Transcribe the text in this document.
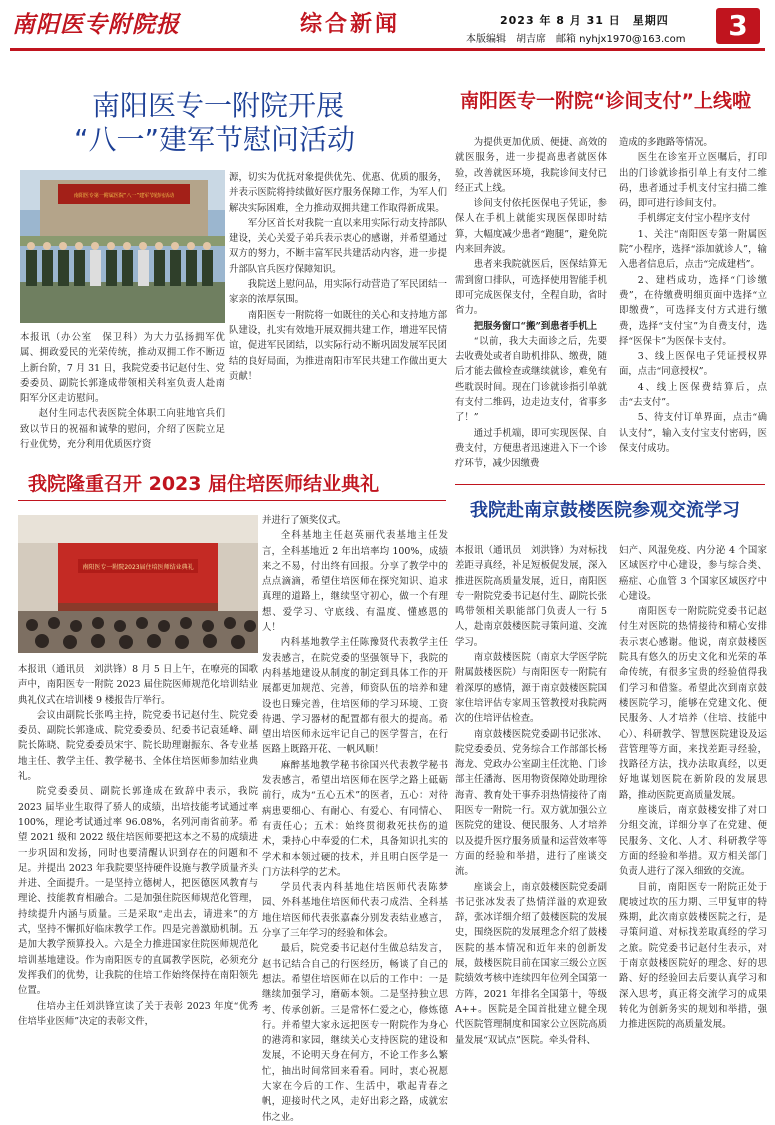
南阳医专附院报	综合新闻	2023 年 8 月 31 日　星期四
本版编辑　胡吉席　邮箱 nyhjx1970@163.com	3
南阳医专一附院开展
“八一”建军节慰问活动
南阳医专第一附属医院“八一”建军节慰问活动

本报讯（办公室　保卫科）为大力弘扬拥军优属、拥政爱民的光荣传统，推动双拥工作不断迈上新台阶，7 月 31 日，我院党委书记赵付生、党委委员、副院长郭逢成带领相关科室负责人赴南阳军分区走访慰问。

赵付生同志代表医院全体职工向驻地官兵们致以节日的祝福和诚挚的慰问，介绍了医院立足行业优势，充分利用优质医疗资

源，切实为优抚对象提供优先、优惠、优质的服务，并表示医院将持续做好医疗服务保障工作，为军人们解决实际困难，全力推动双拥共建工作取得新成果。

军分区首长对我院一直以来用实际行动支持部队建设，关心关爱子弟兵表示衷心的感谢，并希望通过双方的努力，不断丰富军民共建活动内容，进一步提升部队官兵医疗保障知识。

我院送上慰问品，用实际行动营造了军民团结一家亲的浓厚氛围。

南阳医专一附院将一如既往的关心和支持地方部队建设，扎实有效地开展双拥共建工作，增进军民情谊，促进军民团结，以实际行动不断巩固发展军民团结的良好局面，为推进南阳市军民共建工作做出更大贡献！

南阳医专一附院“诊间支付”上线啦

为提供更加优质、便捷、高效的就医服务，进一步提高患者就医体验，改善就医环境，我院诊间支付已经正式上线。

诊间支付依托医保电子凭证，参保人在手机上就能实现医保即时结算，大幅度减少患者“跑腿”，避免院内来回奔波。

患者来我院就医后，医保结算无需到窗口排队，可选择使用智能手机即可完成医保支付，全程自助，省时省力。

把服务窗口“搬”到患者手机上

“以前，我大夫面诊之后，先要去收费处或者自助机排队、缴费，随后才能去做检查或继续就诊，难免有些耽误时间。现在门诊就诊指引单就有支付二维码，边走边支付，省事多了！”

通过手机端，即可实现医保、自费支付，方便患者迅速进入下一个诊疗环节，减少因缴费

造成的多跑路等情况。

医生在诊室开立医嘱后，打印出的门诊就诊指引单上有支付二维码，患者通过手机支付宝扫描二维码，即可进行诊间支付。

手机绑定支付宝小程序支付

1、关注“南阳医专第一附属医院”小程序，选择“添加就诊人”，输入患者信息后，点击“完成建档”。

2、建档成功，选择“门诊缴费”，在待缴费明细页面中选择“立即缴费”，可选择支付方式进行缴费，选择“支付宝”为自费支付，选择“医保卡”为医保卡支付。

3、线上医保电子凭证授权界面，点击“同意授权”。

4、线上医保费结算后，点击“去支付”。

5、待支付订单界面，点击“确认支付”，输入支付宝支付密码，医保支付成功。

我院隆重召开 2023 届住培医师结业典礼
南阳医专一附院2023届住培医师结业典礼

本报讯（通讯员　刘洪锋）8 月 5 日上午，在嘹亮的国歌声中，南阳医专一附院 2023 届住院医师规范化培训结业典礼仪式在培训楼 9 楼报告厅举行。

会议由副院长张鸣主持，院党委书记赵付生、院党委委员、副院长郭逢成、院党委委员、纪委书记袁延峰、副院长陈晓、院党委委员宋宇、院长助理谢振东、各专业基地主任、教学主任、教学秘书、全体住培医师参加结业典礼。

院党委委员、副院长郭逢成在致辞中表示，我院 2023 届毕业生取得了骄人的成绩，出培技能考试通过率 100%，理论考试通过率 96.08%，名列河南省前茅。希望 2021 级和 2022 级住培医师要把这本之不易的成绩进一步巩固和发扬，同时也要清醒认识到存在的问题和不足。并提出 2023 年我院要坚持硬件设施与教学质量齐头并进、全面提升。一是坚持立德树人，把医德医风教育与理论、技能教育相融合。二是加强住院医师规范化管理，持续提升内涵与质量。三是采取“走出去，请进来”的方式，坚持不懈抓好临床教学工作。四是完善激励机制。五是加大教学预算投入。六是全力推进国家住院医师规范化培训基地建设。作为南阳医专的直属教学医院，必须充分发挥我们的优势，让我院的住培工作始终保持在南阳领先位置。

住培办主任刘洪锋宣读了关于表彰 2023 年度“优秀住培毕业医师”决定的表彰文件，

并进行了颁奖仪式。

全科基地主任赵英丽代表基地主任发言，全科基地近 2 年出培率均 100%，成绩来之不易，付出终有回报。分享了教学中的点点滴滴，希望住培医师在探究知识、追求真理的道路上，继续坚守初心，做一个有理想、爱学习、守底线、有温度、懂感恩的人！

内科基地教学主任陈豫贤代表教学主任发表感言，在院党委的坚强领导下，我院的内科基地建设从制度的制定到具体工作的开展都更加规范、完善，师资队伍的培养和建设也日臻完善，住培医师的学习环境、工资待遇、学习器材的配置都有很大的提高。希望出培医师永远牢记自己的医学誓言，在行医路上既路开花、一帆风顺！

麻醉基地教学秘书徐国兴代表教学秘书发表感言，希望出培医师在医学之路上砥砺前行，成为“五心五术”的医者，五心：对待病患要细心、有耐心、有爱心、有同情心、有责任心；五术：始终贯彻救死扶伤的道术，秉持心中奉爱的仁术，具备知识扎实的学术和本领过硬的技术，并且明白医学是一门方法科学的艺术。

学员代表内科基地住培医师代表陈梦园、外科基地住培医师代表刁成浩、全科基地住培医师代表张嘉森分别发表结业感言，分享了三年学习的经验和体会。

最后，院党委书记赵付生做总结发言，赵书记结合自己的行医经历，畅谈了自己的想法。希望住培医师在以后的工作中：一是继续加强学习，磨砺本领。二是坚持独立思考、传承创新。三是常怀仁爱之心，修炼德行。并希望大家永远把医专一附院作为身心的港湾和家园，继续关心支持医院的建设和发展，不论明天身在何方，不论工作多么繁忙，抽出时间常回来看看。同时，衷心祝愿大家在今后的工作、生活中，歌起青春之帆，迎接时代之风，走好出彩之路，成就宏伟之业。

我院赴南京鼓楼医院参观交流学习

本报讯（通讯员　刘洪锋）为对标找差距寻真经，补足短板促发展，深入推进医院高质量发展，近日，南阳医专一附院党委书记赵付生、副院长张鸣带领相关职能部门负责人一行 5 人，赴南京鼓楼医院寻策问道、交流学习。

南京鼓楼医院（南京大学医学院附属鼓楼医院）与南阳医专一附院有着深厚的感情，源于南京鼓楼医院国家住培评估专家周玉管教授对我院两次的住培评估检查。

南京鼓楼医院党委副书记张冰、院党委委员、党务综合工作部部长杨海龙、党政办公室副主任沈艳、门诊部主任潘海、医用物资保障处助理徐海青、教育处干事乔羽热情接待了南阳医专一附院一行。双方就加强公立医院党的建设、便民服务、人才培养以及提升医疗服务质量和运营效率等方面的经验和举措，进行了座谈交流。

座谈会上，南京鼓楼医院党委副书记张冰发表了热情洋溢的欢迎致辞，张冰详细介绍了鼓楼医院的发展史，围绕医院的发展理念介绍了鼓楼医院的基本情况和近年来的创新发展，鼓楼医院目前在国家三级公立医院绩效考核中连续四年位列全国第一方阵，2021 年排名全国第十，等级 A++。医院是全国首批建立健全现代医院管理制度和国家公立医院高质量发展“双试点”医院。牵头骨科、

妇产、风湿免疫、内分泌 4 个国家区域医疗中心建设，参与综合类、癌症、心血管 3 个国家区域医疗中心建设。

南阳医专一附院院党委书记赵付生对医院的热情接待和精心安排表示衷心感谢。他说，南京鼓楼医院具有悠久的历史文化和光荣的革命传统，有很多宝贵的经验值得我们学习和借鉴。希望此次到南京鼓楼医院学习，能够在党建文化、便民服务、人才培养（住培、技能中心）、科研教学、智慧医院建设及运营管理等方面，来找差距寻经验，找路径方法，找办法取真经，以更好地谋划医院在新阶段的发展思路，推动医院更高质量发展。

座谈后，南京鼓楼安排了对口分组交流，详细分享了在党建、便民服务、文化、人才、科研教学等方面的经验和举措。双方相关部门负责人进行了深入细致的交流。

目前，南阳医专一附院正处于爬坡过坎的压力期、三甲复审的特殊期，此次南京鼓楼医院之行，是寻策问道、对标找差取真经的学习之旅。院党委书记赵付生表示，对于南京鼓楼医院好的理念、好的思路、好的经验回去后要认真学习和深入思考，真正将交流学习的成果转化为创新务实的规划和举措，强力推进医院的高质量发展。
